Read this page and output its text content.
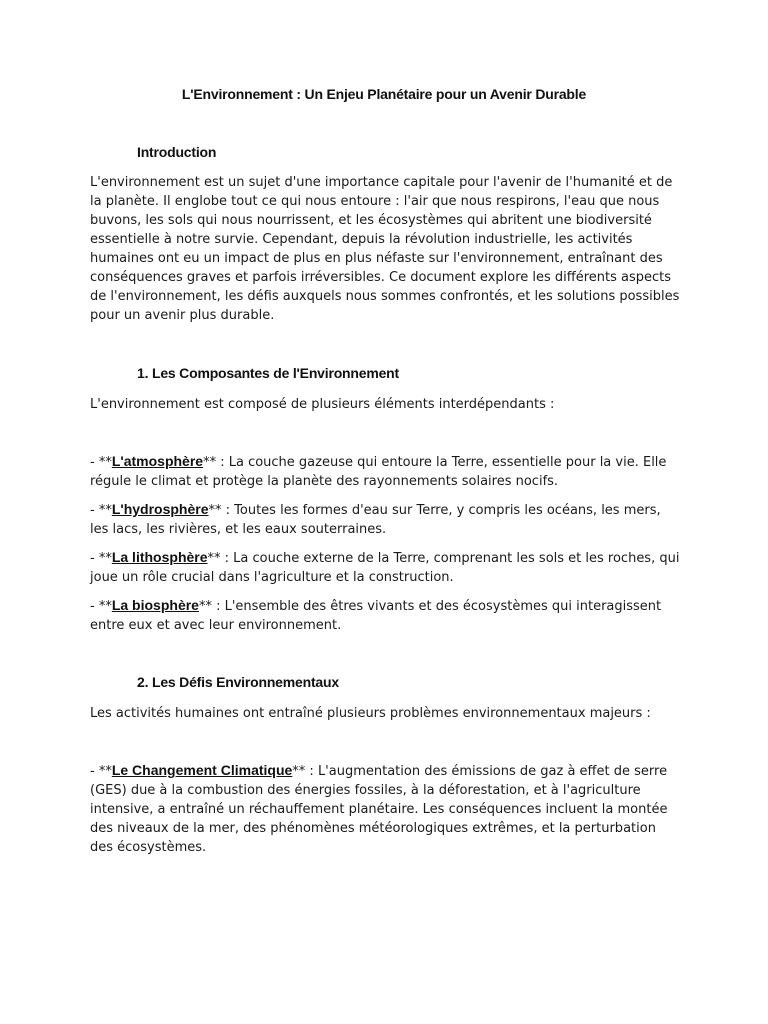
L'Environnement : Un Enjeu Planétaire pour un Avenir Durable
Introduction
L'environnement est un sujet d'une importance capitale pour l'avenir de l'humanité et de la planète. Il englobe tout ce qui nous entoure : l'air que nous respirons, l'eau que nous buvons, les sols qui nous nourrissent, et les écosystèmes qui abritent une biodiversité essentielle à notre survie. Cependant, depuis la révolution industrielle, les activités humaines ont eu un impact de plus en plus néfaste sur l'environnement, entraînant des conséquences graves et parfois irréversibles. Ce document explore les différents aspects de l'environnement, les défis auxquels nous sommes confrontés, et les solutions possibles pour un avenir plus durable.
1. Les Composantes de l'Environnement
L'environnement est composé de plusieurs éléments interdépendants :
- **L'atmosphère** : La couche gazeuse qui entoure la Terre, essentielle pour la vie. Elle régule le climat et protège la planète des rayonnements solaires nocifs.
- **L'hydrosphère** : Toutes les formes d'eau sur Terre, y compris les océans, les mers, les lacs, les rivières, et les eaux souterraines.
- **La lithosphère** : La couche externe de la Terre, comprenant les sols et les roches, qui joue un rôle crucial dans l'agriculture et la construction.
- **La biosphère** : L'ensemble des êtres vivants et des écosystèmes qui interagissent entre eux et avec leur environnement.
2. Les Défis Environnementaux
Les activités humaines ont entraîné plusieurs problèmes environnementaux majeurs :
- **Le Changement Climatique** : L'augmentation des émissions de gaz à effet de serre (GES) due à la combustion des énergies fossiles, à la déforestation, et à l'agriculture intensive, a entraîné un réchauffement planétaire. Les conséquences incluent la montée des niveaux de la mer, des phénomènes météorologiques extrêmes, et la perturbation des écosystèmes.
